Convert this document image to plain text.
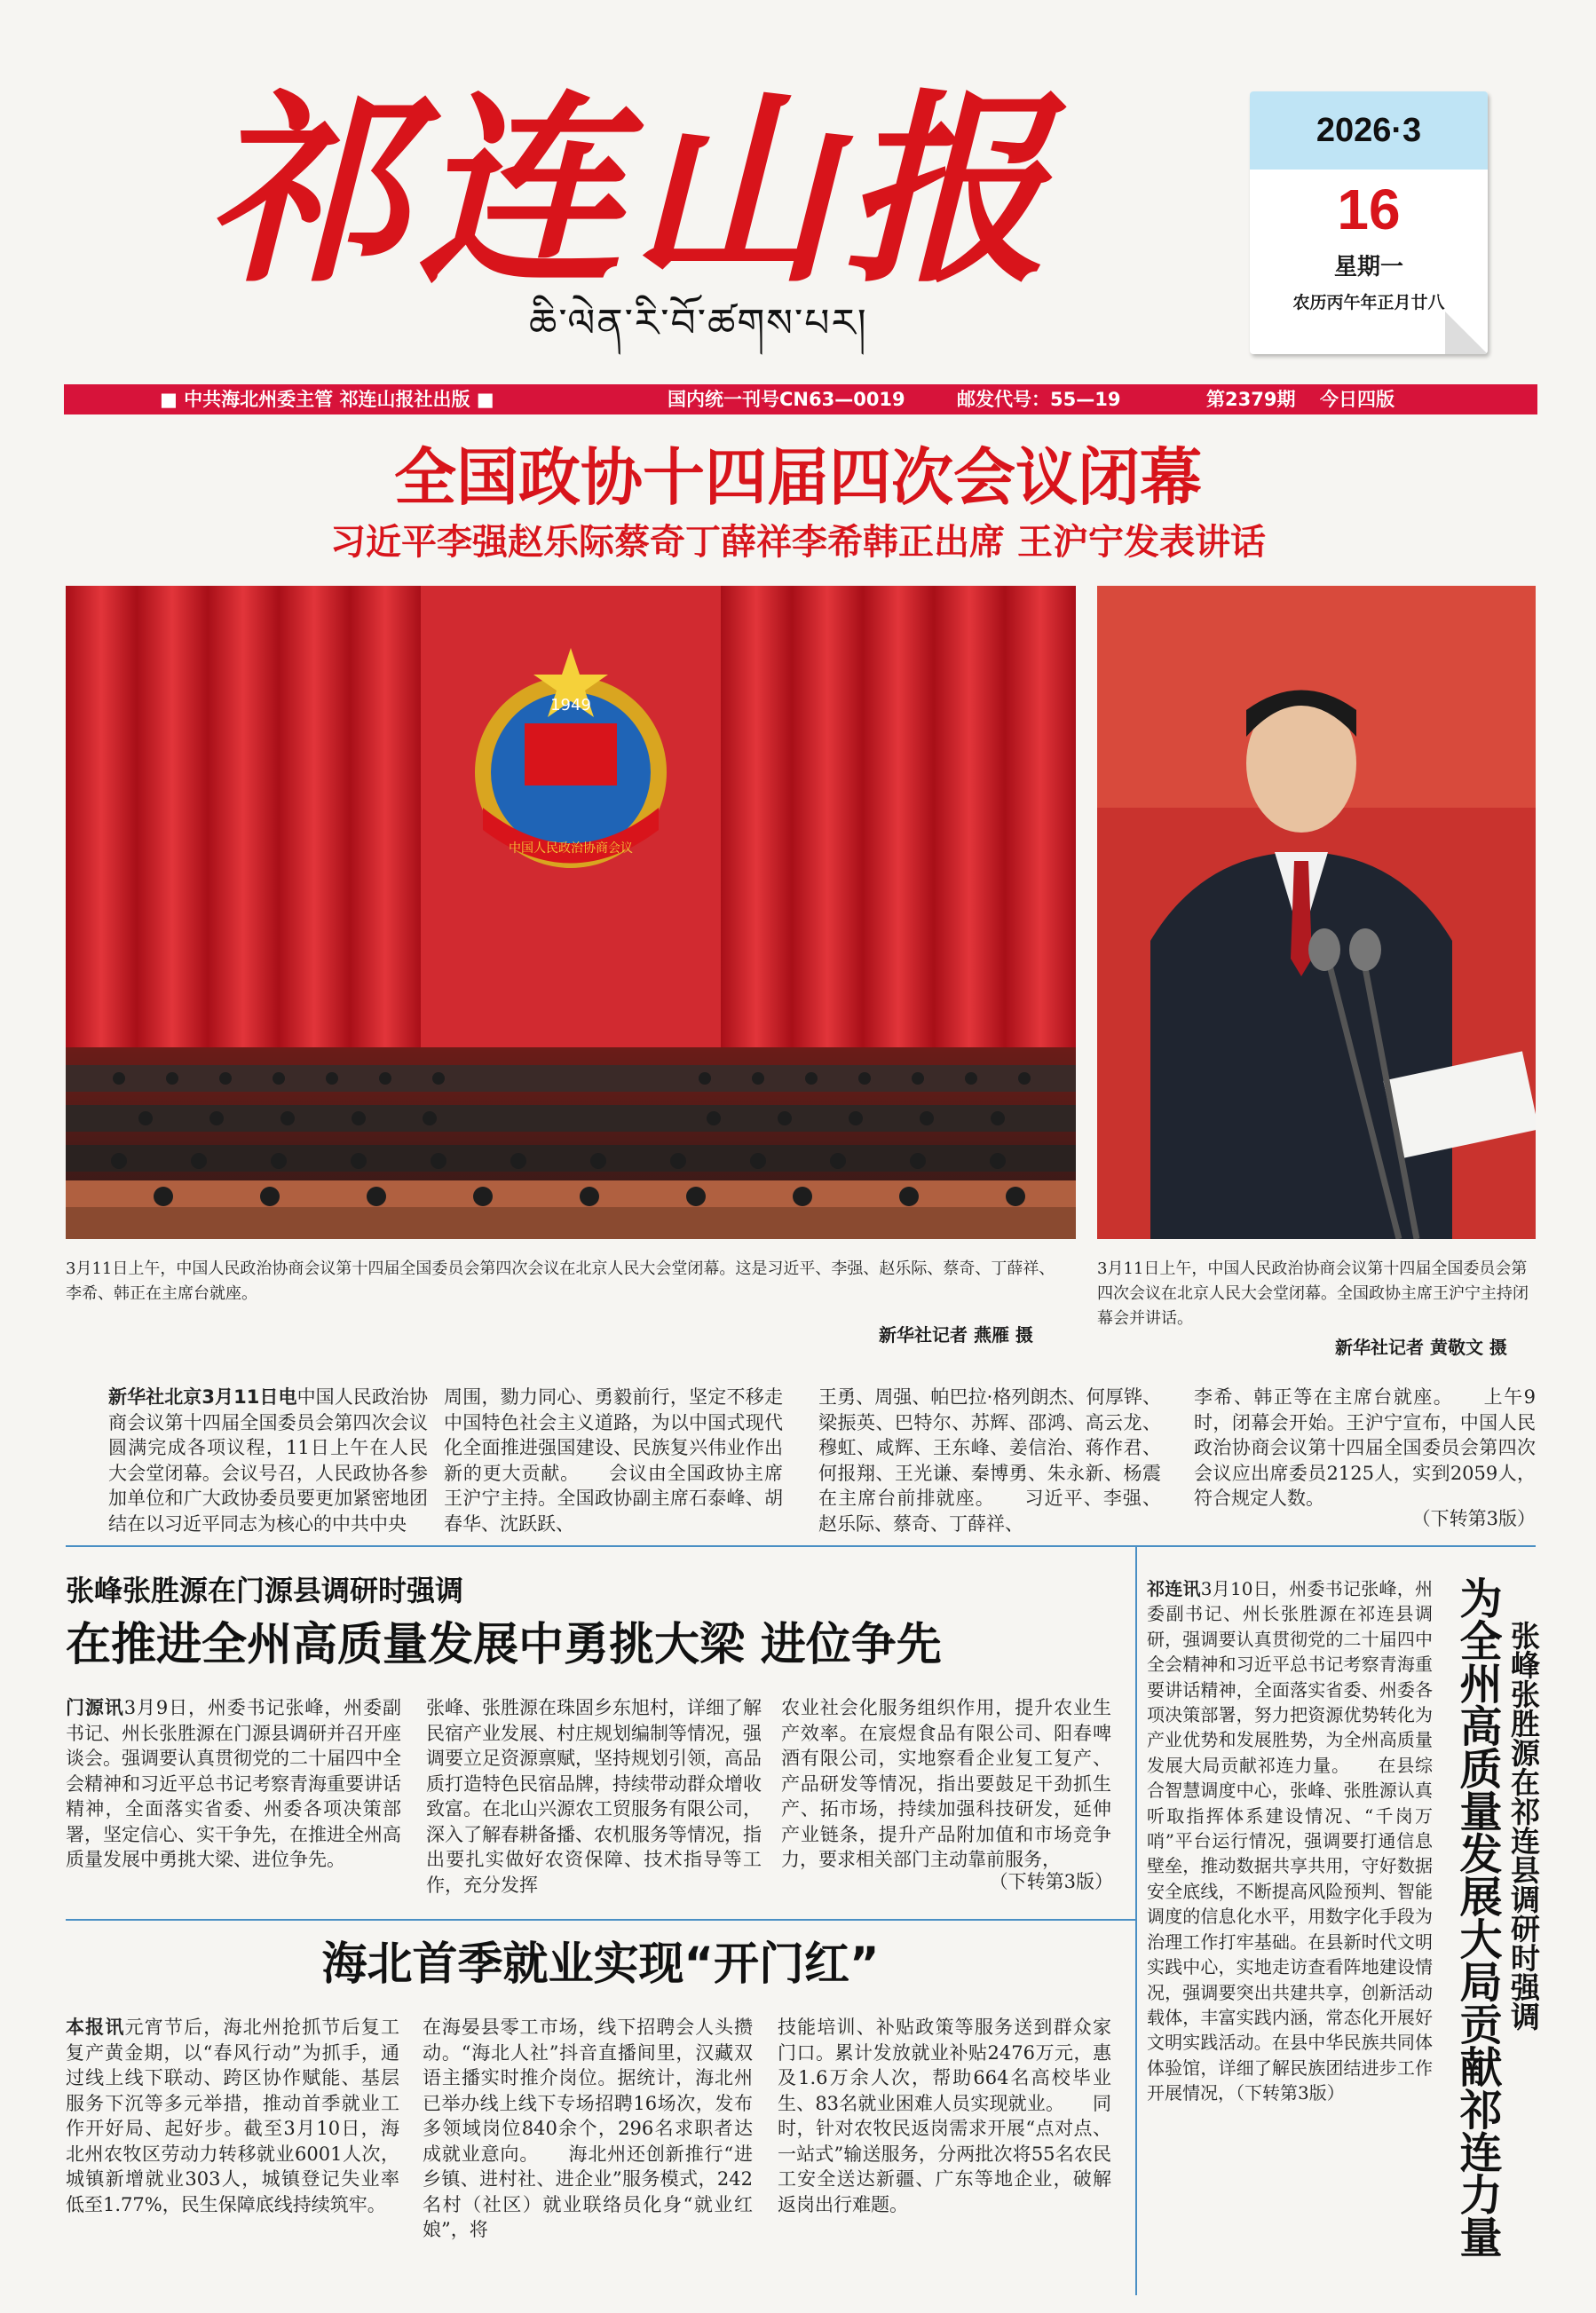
祁连山报
ཆི་ལེན་རི་བོ་ཚགས་པར།
2026·3
16
星期一
农历丙午年正月廿八
■ 中共海北州委主管 祁连山报社出版 ■	国内统一刊号CN63—0019	邮发代号：55—19	第2379期 今日四版
全国政协十四届四次会议闭幕
习近平李强赵乐际蔡奇丁薛祥李希韩正出席 王沪宁发表讲话
中国人民政治协商会议
1949
3月11日上午，中国人民政治协商会议第十四届全国委员会第四次会议在北京人民大会堂闭幕。这是习近平、李强、赵乐际、蔡奇、丁薛祥、李希、韩正在主席台就座。
新华社记者 燕雁 摄
3月11日上午，中国人民政治协商会议第十四届全国委员会第四次会议在北京人民大会堂闭幕。全国政协主席王沪宁主持闭幕会并讲话。
新华社记者 黄敬文 摄
新华社北京3月11日电中国人民政治协商会议第十四届全国委员会第四次会议圆满完成各项议程，11日上午在人民大会堂闭幕。会议号召，人民政协各参加单位和广大政协委员要更加紧密地团结在以习近平同志为核心的中共中央
周围，勠力同心、勇毅前行，坚定不移走中国特色社会主义道路，为以中国式现代化全面推进强国建设、民族复兴伟业作出新的更大贡献。　　会议由全国政协主席王沪宁主持。全国政协副主席石泰峰、胡春华、沈跃跃、
王勇、周强、帕巴拉·格列朗杰、何厚铧、梁振英、巴特尔、苏辉、邵鸿、高云龙、穆虹、咸辉、王东峰、姜信治、蒋作君、何报翔、王光谦、秦博勇、朱永新、杨震在主席台前排就座。　　习近平、李强、赵乐际、蔡奇、丁薛祥、
李希、韩正等在主席台就座。　　上午9时，闭幕会开始。王沪宁宣布，中国人民政治协商会议第十四届全国委员会第四次会议应出席委员2125人，实到2059人，符合规定人数。
（下转第3版）
张峰张胜源在门源县调研时强调
在推进全州高质量发展中勇挑大梁 进位争先
门源讯3月9日，州委书记张峰，州委副书记、州长张胜源在门源县调研并召开座谈会。强调要认真贯彻党的二十届四中全会精神和习近平总书记考察青海重要讲话精神，全面落实省委、州委各项决策部署，坚定信心、实干争先，在推进全州高质量发展中勇挑大梁、进位争先。
张峰、张胜源在珠固乡东旭村，详细了解民宿产业发展、村庄规划编制等情况，强调要立足资源禀赋，坚持规划引领，高品质打造特色民宿品牌，持续带动群众增收致富。在北山兴源农工贸服务有限公司，深入了解春耕备播、农机服务等情况，指出要扎实做好农资保障、技术指导等工作，充分发挥
农业社会化服务组织作用，提升农业生产效率。在宸煜食品有限公司、阳春啤酒有限公司，实地察看企业复工复产、产品研发等情况，指出要鼓足干劲抓生产、拓市场，持续加强科技研发，延伸产业链条，提升产品附加值和市场竞争力，要求相关部门主动靠前服务，
（下转第3版）
海北首季就业实现“开门红”
本报讯元宵节后，海北州抢抓节后复工复产黄金期，以“春风行动”为抓手，通过线上线下联动、跨区协作赋能、基层服务下沉等多元举措，推动首季就业工作开好局、起好步。截至3月10日，海北州农牧区劳动力转移就业6001人次，城镇新增就业303人，城镇登记失业率低至1.77%，民生保障底线持续筑牢。
在海晏县零工市场，线下招聘会人头攒动。“海北人社”抖音直播间里，汉藏双语主播实时推介岗位。据统计，海北州已举办线上线下专场招聘16场次，发布多领域岗位840余个，296名求职者达成就业意向。　　海北州还创新推行“进乡镇、进村社、进企业”服务模式，242名村（社区）就业联络员化身“就业红娘”，将
技能培训、补贴政策等服务送到群众家门口。累计发放就业补贴2476万元，惠及1.6万余人次，帮助664名高校毕业生、83名就业困难人员实现就业。　　同时，针对农牧民返岗需求开展“点对点、一站式”输送服务，分两批次将55名农民工安全送达新疆、广东等地企业，破解返岗出行难题。
祁连讯3月10日，州委书记张峰，州委副书记、州长张胜源在祁连县调研，强调要认真贯彻党的二十届四中全会精神和习近平总书记考察青海重要讲话精神，全面落实省委、州委各项决策部署，努力把资源优势转化为产业优势和发展胜势，为全州高质量发展大局贡献祁连力量。　　在县综合智慧调度中心，张峰、张胜源认真听取指挥体系建设情况、“千岗万哨”平台运行情况，强调要打通信息壁垒，推动数据共享共用，守好数据安全底线，不断提高风险预判、智能调度的信息化水平，用数字化手段为治理工作打牢基础。在县新时代文明实践中心，实地走访查看阵地建设情况，强调要突出共建共享，创新活动载体，丰富实践内涵，常态化开展好文明实践活动。在县中华民族共同体体验馆，详细了解民族团结进步工作开展情况，（下转第3版）	为全州高质量发展大局贡献祁连力量 张峰张胜源在祁连县调研时强调
